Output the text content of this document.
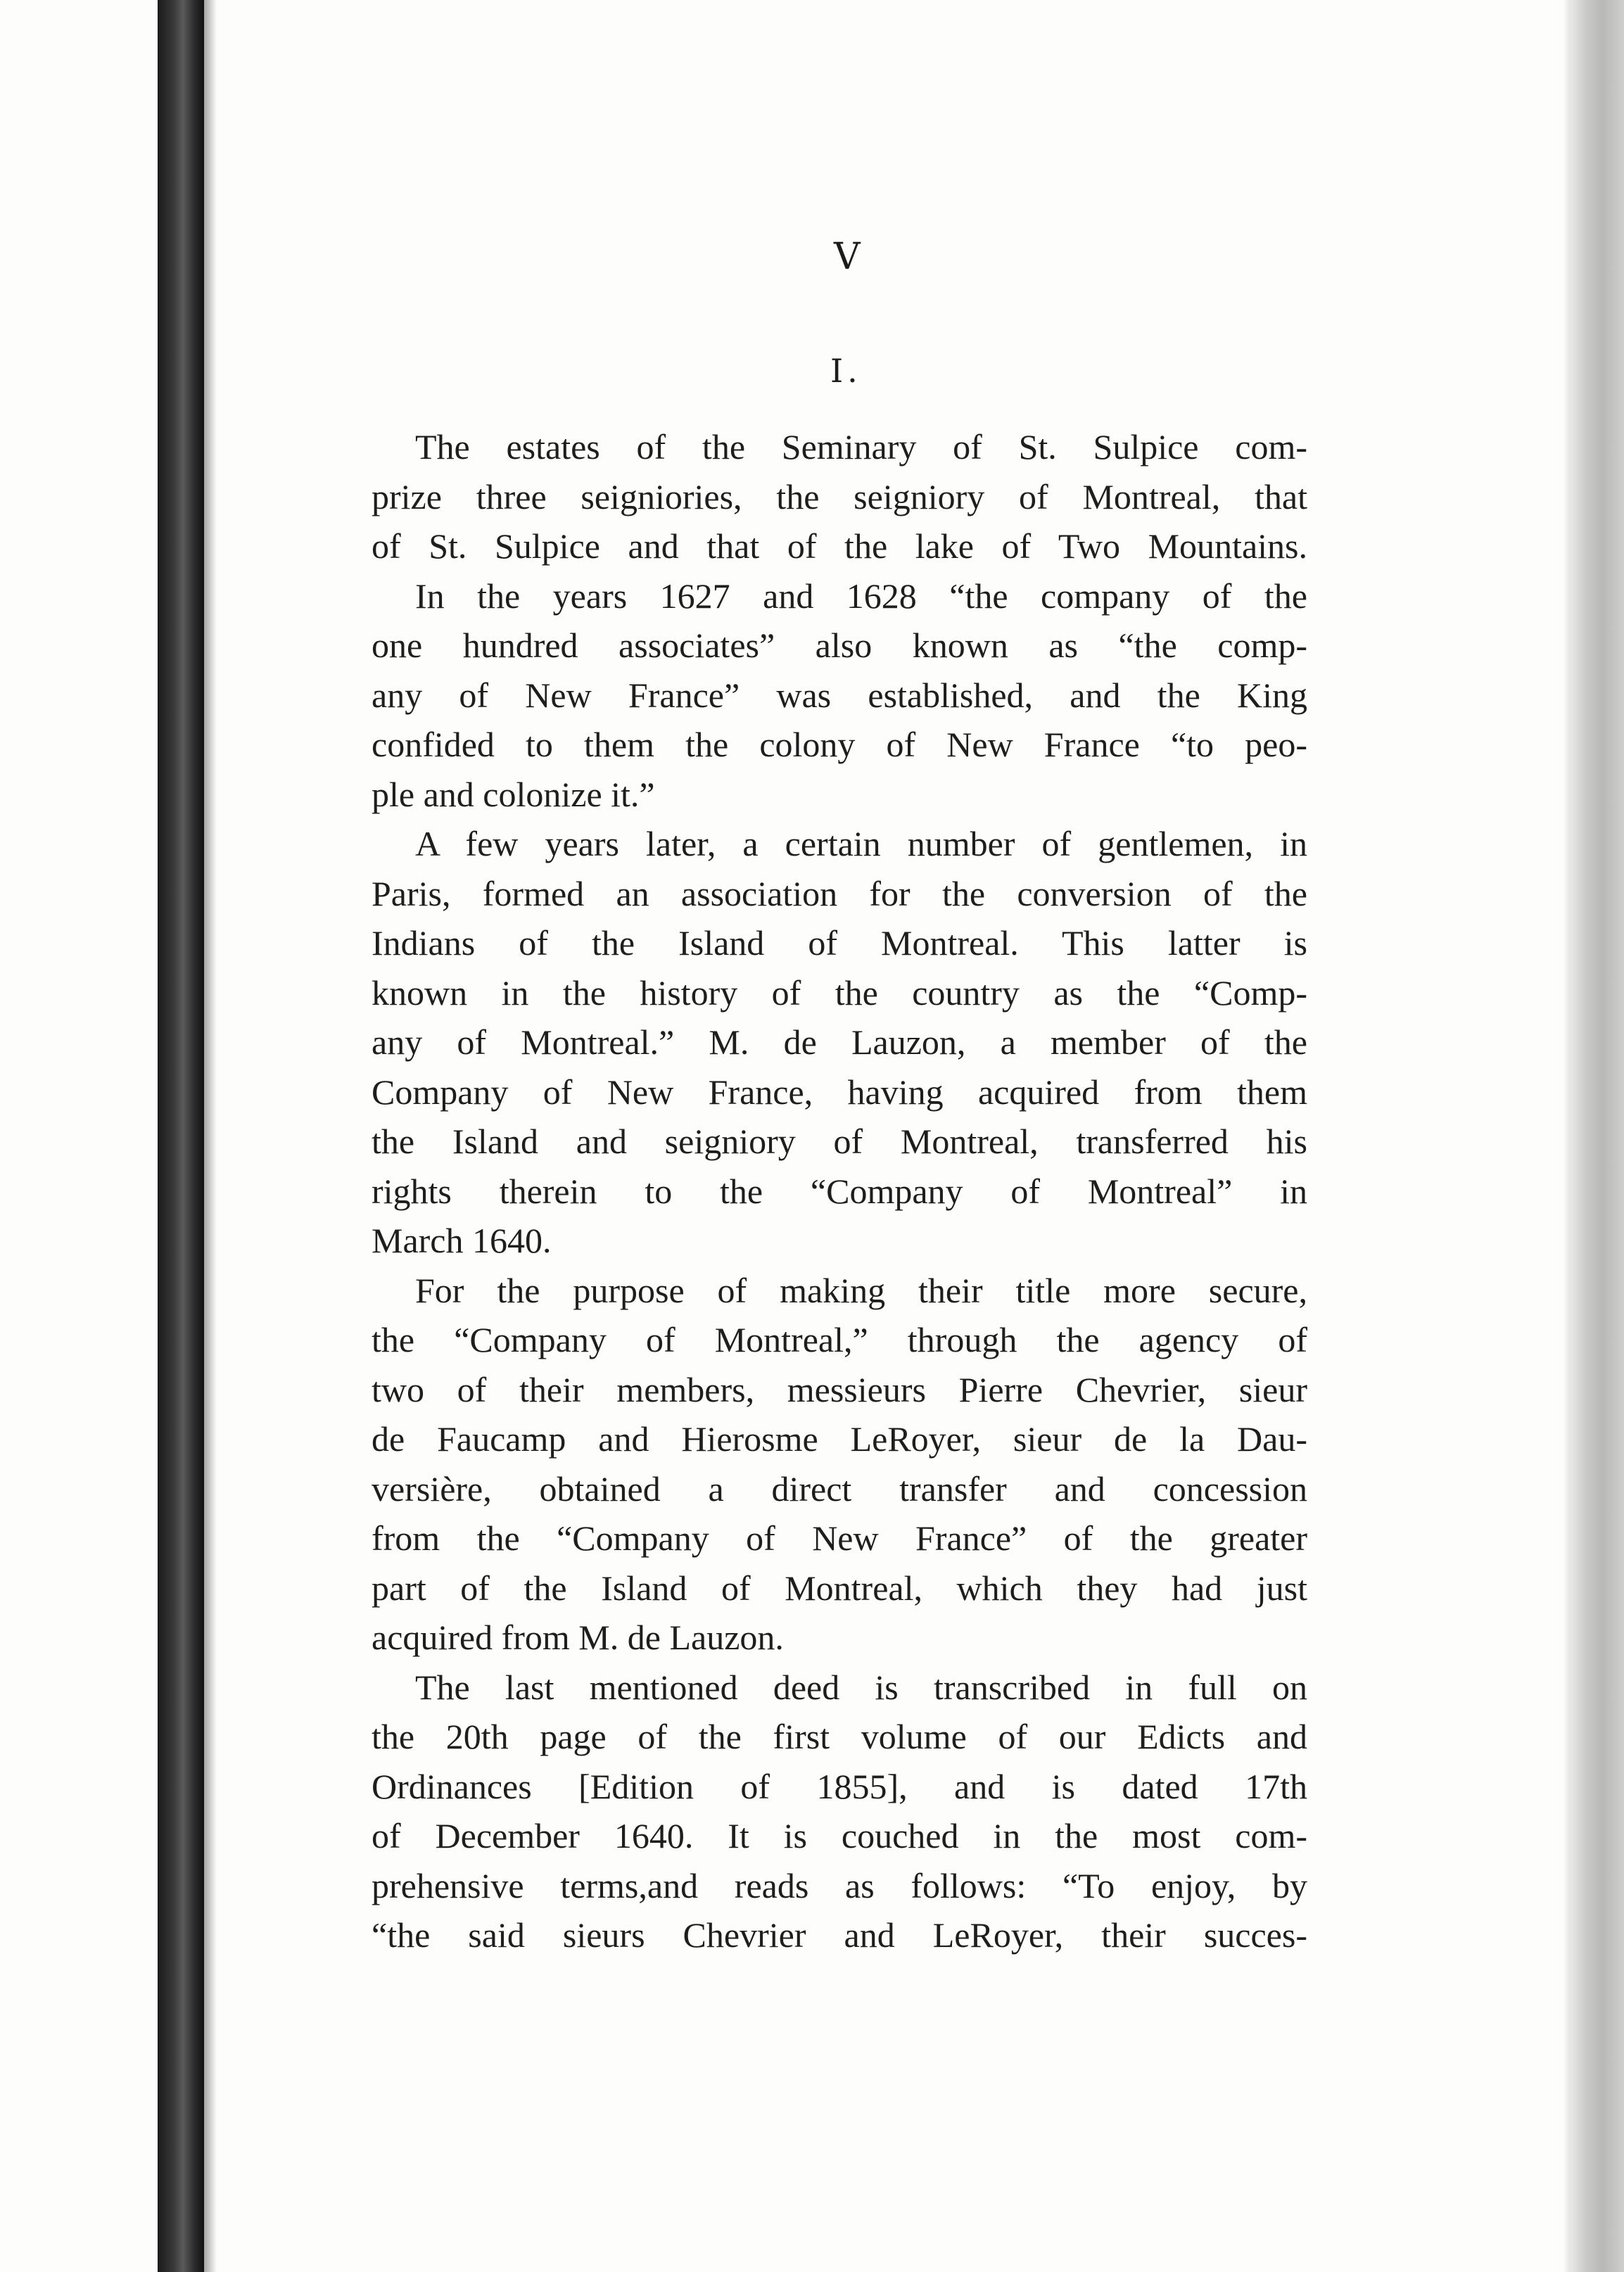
V
I.
The estates of the Seminary of St. Sulpice com-
prize three seigniories, the seigniory of Montreal, that
of St. Sulpice and that of the lake of Two Mountains.
In the years 1627 and 1628 “the company of the
one hundred associates” also known as “the comp-
any of New France” was established, and the King
confided to them the colony of New France “to peo-
ple and colonize it.”
A few years later, a certain number of gentlemen, in
Paris, formed an association for the conversion of the
Indians of the Island of Montreal. This latter is
known in the history of the country as the “Comp-
any of Montreal.” M. de Lauzon, a member of the
Company of New France, having acquired from them
the Island and seigniory of Montreal, transferred his
rights therein to the “Company of Montreal” in
March 1640.
For the purpose of making their title more secure,
the “Company of Montreal,” through the agency of
two of their members, messieurs Pierre Chevrier, sieur
de Faucamp and Hierosme LeRoyer, sieur de la Dau-
versière, obtained a direct transfer and concession
from the “Company of New France” of the greater
part of the Island of Montreal, which they had just
acquired from M. de Lauzon.
The last mentioned deed is transcribed in full on
the 20th page of the first volume of our Edicts and
Ordinances [Edition of 1855], and is dated 17th
of December 1640. It is couched in the most com-
prehensive terms,and reads as follows: “To enjoy, by
“the said sieurs Chevrier and LeRoyer, their succes-
